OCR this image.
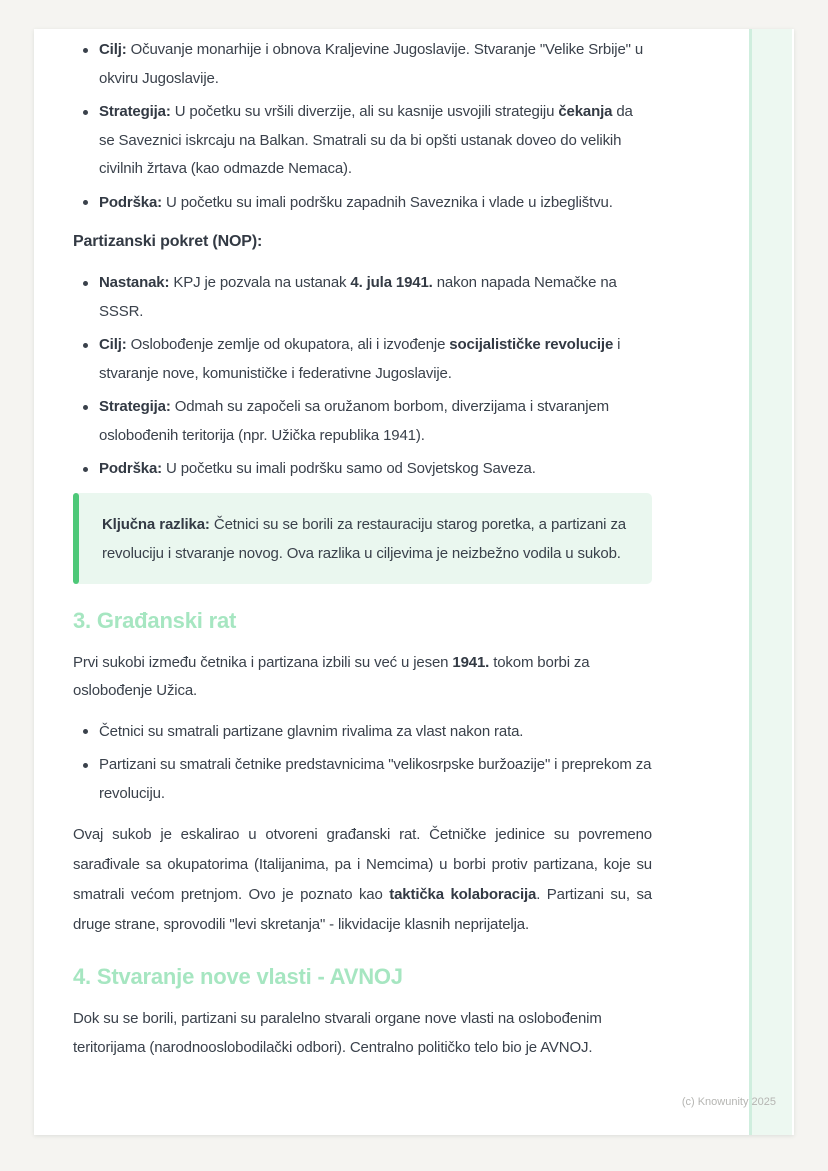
Cilj: Očuvanje monarhije i obnova Kraljevine Jugoslavije. Stvaranje "Velike Srbije" u okviru Jugoslavije.
Strategija: U početku su vršili diverzije, ali su kasnije usvojili strategiju čekanja da se Saveznici iskrcaju na Balkan. Smatrali su da bi opšti ustanak doveo do velikih civilnih žrtava (kao odmazde Nemaca).
Podrška: U početku su imali podršku zapadnih Saveznika i vlade u izbeglištvu.

Partizanski pokret (NOP):

Nastanak: KPJ je pozvala na ustanak 4. jula 1941. nakon napada Nemačke na SSSR.
Cilj: Oslobođenje zemlje od okupatora, ali i izvođenje socijalističke revolucije i stvaranje nove, komunističke i federativne Jugoslavije.
Strategija: Odmah su započeli sa oružanom borbom, diverzijama i stvaranjem oslobođenih teritorija (npr. Užička republika 1941).
Podrška: U početku su imali podršku samo od Sovjetskog Saveza.
Ključna razlika: Četnici su se borili za restauraciju starog poretka, a partizani za revoluciju i stvaranje novog. Ova razlika u ciljevima je neizbežno vodila u sukob.
3. Građanski rat

Prvi sukobi između četnika i partizana izbili su već u jesen 1941. tokom borbi za oslobođenje Užica.

Četnici su smatrali partizane glavnim rivalima za vlast nakon rata.
Partizani su smatrali četnike predstavnicima "velikosrpske buržoazije" i preprekom za revoluciju.

Ovaj sukob je eskalirao u otvoreni građanski rat. Četničke jedinice su povremeno sarađivale sa okupatorima (Italijanima, pa i Nemcima) u borbi protiv partizana, koje su smatrali većom pretnjom. Ovo je poznato kao taktička kolaboracija. Partizani su, sa druge strane, sprovodili "levi skretanja" - likvidacije klasnih neprijatelja.

4. Stvaranje nove vlasti - AVNOJ

Dok su se borili, partizani su paralelno stvarali organe nove vlasti na oslobođenim teritorijama (narodnooslobodilački odbori). Centralno političko telo bio je AVNOJ.

(c) Knowunity 2025
